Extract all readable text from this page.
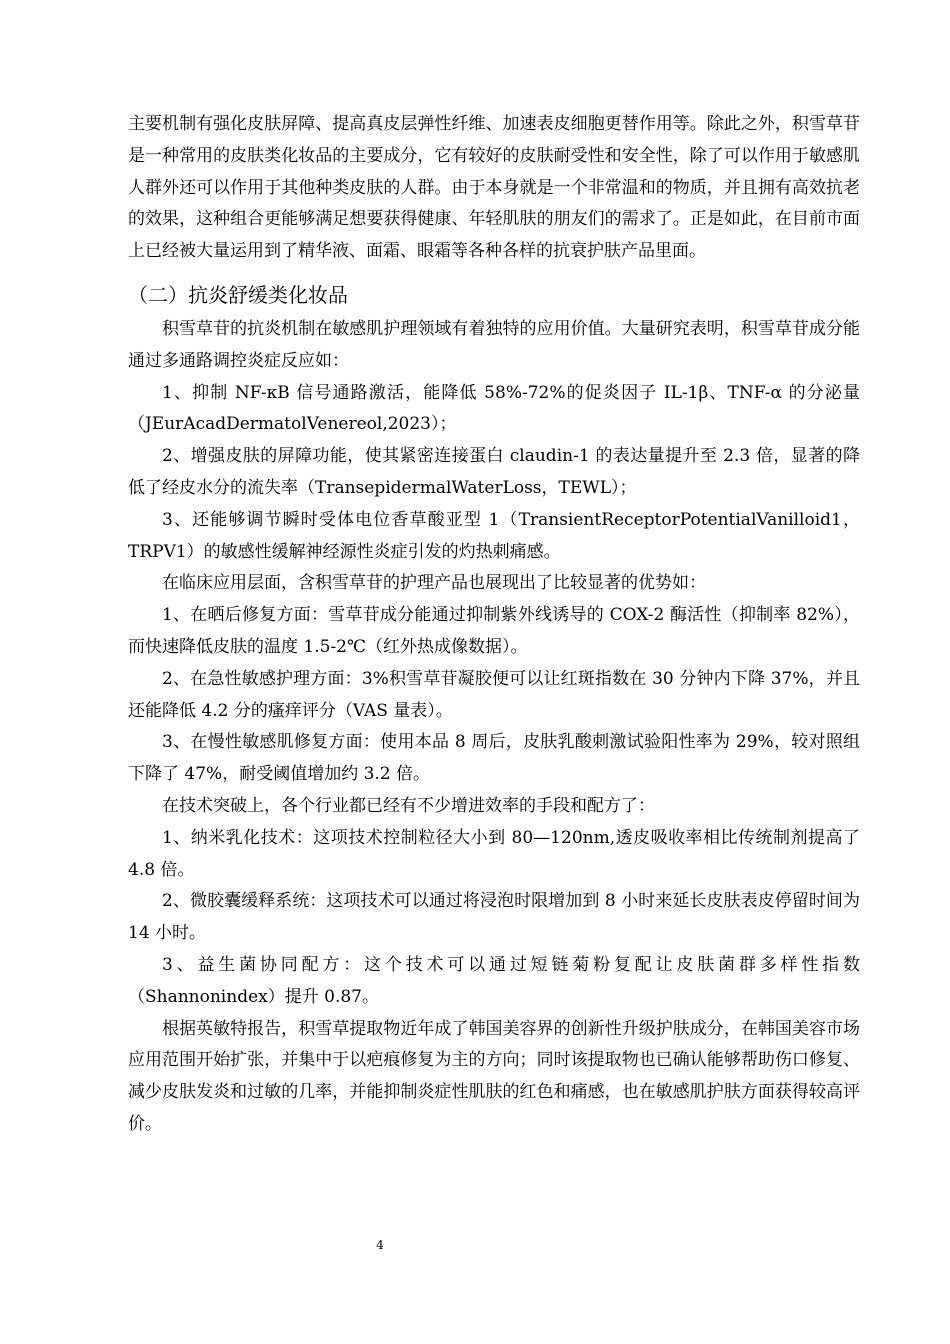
主要机制有强化皮肤屏障、提高真皮层弹性纤维、加速表皮细胞更替作用等。除此之外，积雪草苷是一种常用的皮肤类化妆品的主要成分，它有较好的皮肤耐受性和安全性，除了可以作用于敏感肌人群外还可以作用于其他种类皮肤的人群。由于本身就是一个非常温和的物质，并且拥有高效抗老的效果，这种组合更能够满足想要获得健康、年轻肌肤的朋友们的需求了。正是如此，在目前市面上已经被大量运用到了精华液、面霜、眼霜等各种各样的抗衰护肤产品里面。

（二）抗炎舒缓类化妆品

积雪草苷的抗炎机制在敏感肌护理领域有着独特的应用价值。大量研究表明，积雪草苷成分能通过多通路调控炎症反应如：

1、抑制 NF-κB 信号通路激活，能降低 58%-72%的促炎因子 IL-1β、TNF-α 的分泌量（JEurAcadDermatolVenereol,2023）；

2、增强皮肤的屏障功能，使其紧密连接蛋白 claudin-1 的表达量提升至 2.3 倍，显著的降低了经皮水分的流失率（TransepidermalWaterLoss，TEWL）；

3、还能够调节瞬时受体电位香草酸亚型 1（TransientReceptorPotentialVanilloid1，TRPV1）的敏感性缓解神经源性炎症引发的灼热刺痛感。

在临床应用层面，含积雪草苷的护理产品也展现出了比较显著的优势如：

1、在晒后修复方面：雪草苷成分能通过抑制紫外线诱导的 COX-2 酶活性（抑制率 82%），而快速降低皮肤的温度 1.5-2℃（红外热成像数据）。

2、在急性敏感护理方面：3%积雪草苷凝胶便可以让红斑指数在 30 分钟内下降 37%，并且还能降低 4.2 分的瘙痒评分（VAS 量表）。

3、在慢性敏感肌修复方面：使用本品 8 周后，皮肤乳酸刺激试验阳性率为 29%，较对照组下降了 47%，耐受阈值增加约 3.2 倍。

在技术突破上，各个行业都已经有不少增进效率的手段和配方了：

1、纳米乳化技术：这项技术控制粒径大小到 80—120nm,透皮吸收率相比传统制剂提高了 4.8 倍。

2、微胶囊缓释系统：这项技术可以通过将浸泡时限增加到 8 小时来延长皮肤表皮停留时间为 14 小时。

3、益生菌协同配方：这个技术可以通过短链菊粉复配让皮肤菌群多样性指数（Shannonindex）提升 0.87。

根据英敏特报告，积雪草提取物近年成了韩国美容界的创新性升级护肤成分，在韩国美容市场应用范围开始扩张，并集中于以疤痕修复为主的方向；同时该提取物也已确认能够帮助伤口修复、减少皮肤发炎和过敏的几率，并能抑制炎症性肌肤的红色和痛感，也在敏感肌护肤方面获得较高评价。

4
